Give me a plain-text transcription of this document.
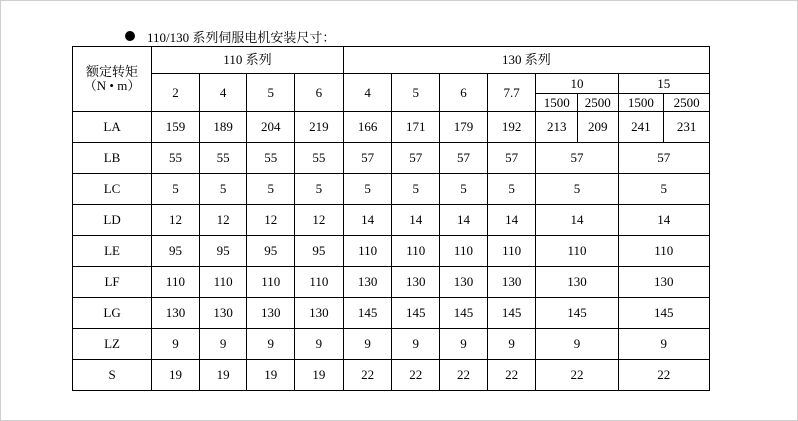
110/130 系列伺服电机安装尺寸：
额定转矩
（N • m）	110 系列				130 系列							
	2	4	5	6	4	5	6	7.7	10		15	
									1500	2500	1500	2500
LA	159	189	204	219	166	171	179	192	213	209	241	231
LB	55	55	55	55	57	57	57	57	57		57	
LC	5	5	5	5	5	5	5	5	5		5	
LD	12	12	12	12	14	14	14	14	14		14	
LE	95	95	95	95	110	110	110	110	110		110	
LF	110	110	110	110	130	130	130	130	130		130	
LG	130	130	130	130	145	145	145	145	145		145	
LZ	9	9	9	9	9	9	9	9	9		9	
S	19	19	19	19	22	22	22	22	22		22	
